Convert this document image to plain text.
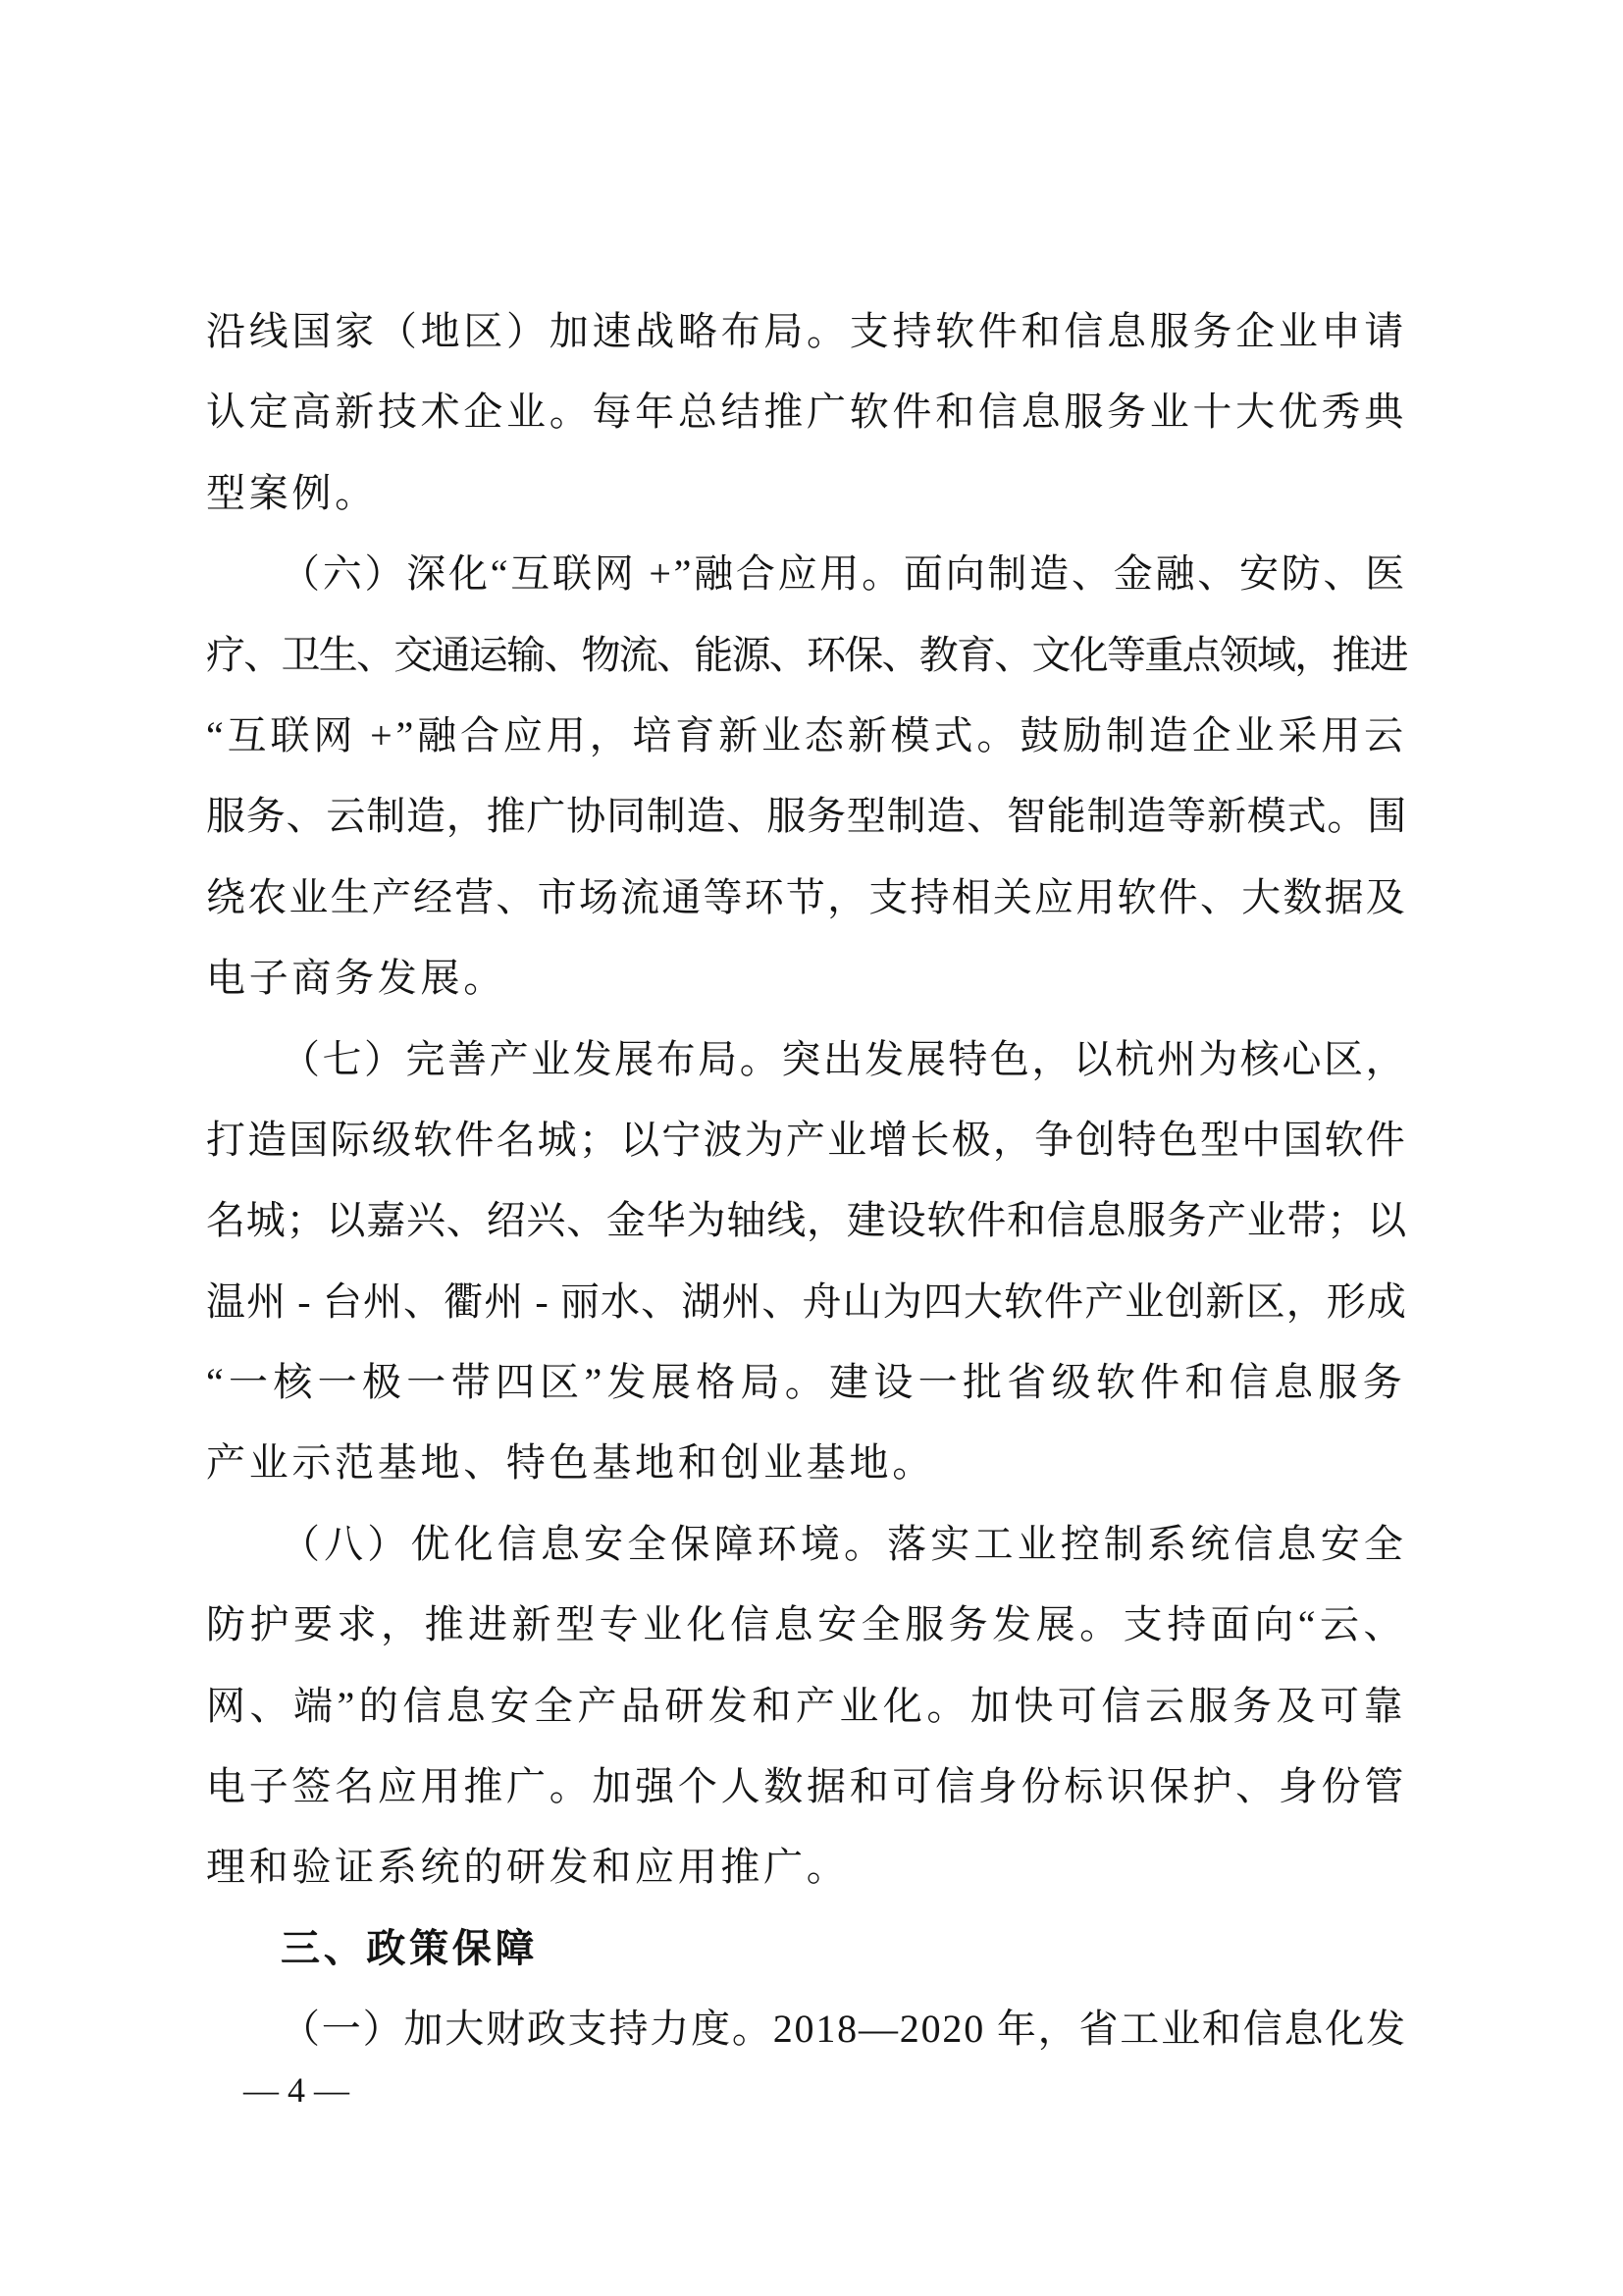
沿线国家（地区）加速战略布局。支持软件和信息服务企业申请
认定高新技术企业。每年总结推广软件和信息服务业十大优秀典
型案例。
（六）深化“互联网 +”融合应用。面向制造、金融、安防、医
疗、卫生、交通运输、物流、能源、环保、教育、文化等重点领域，推进
“互联网 +”融合应用，培育新业态新模式。鼓励制造企业采用云
服务、云制造，推广协同制造、服务型制造、智能制造等新模式。围
绕农业生产经营、市场流通等环节，支持相关应用软件、大数据及
电子商务发展。
（七）完善产业发展布局。突出发展特色，以杭州为核心区，
打造国际级软件名城；以宁波为产业增长极，争创特色型中国软件
名城；以嘉兴、绍兴、金华为轴线，建设软件和信息服务产业带；以
温州 - 台州、衢州 - 丽水、湖州、舟山为四大软件产业创新区，形成
“一核一极一带四区”发展格局。建设一批省级软件和信息服务
产业示范基地、特色基地和创业基地。
（八）优化信息安全保障环境。落实工业控制系统信息安全
防护要求，推进新型专业化信息安全服务发展。支持面向“云、
网、端”的信息安全产品研发和产业化。加快可信云服务及可靠
电子签名应用推广。加强个人数据和可信身份标识保护、身份管
理和验证系统的研发和应用推广。
三、政策保障
（一）加大财政支持力度。2018—2020 年，省工业和信息化发
— 4 —
